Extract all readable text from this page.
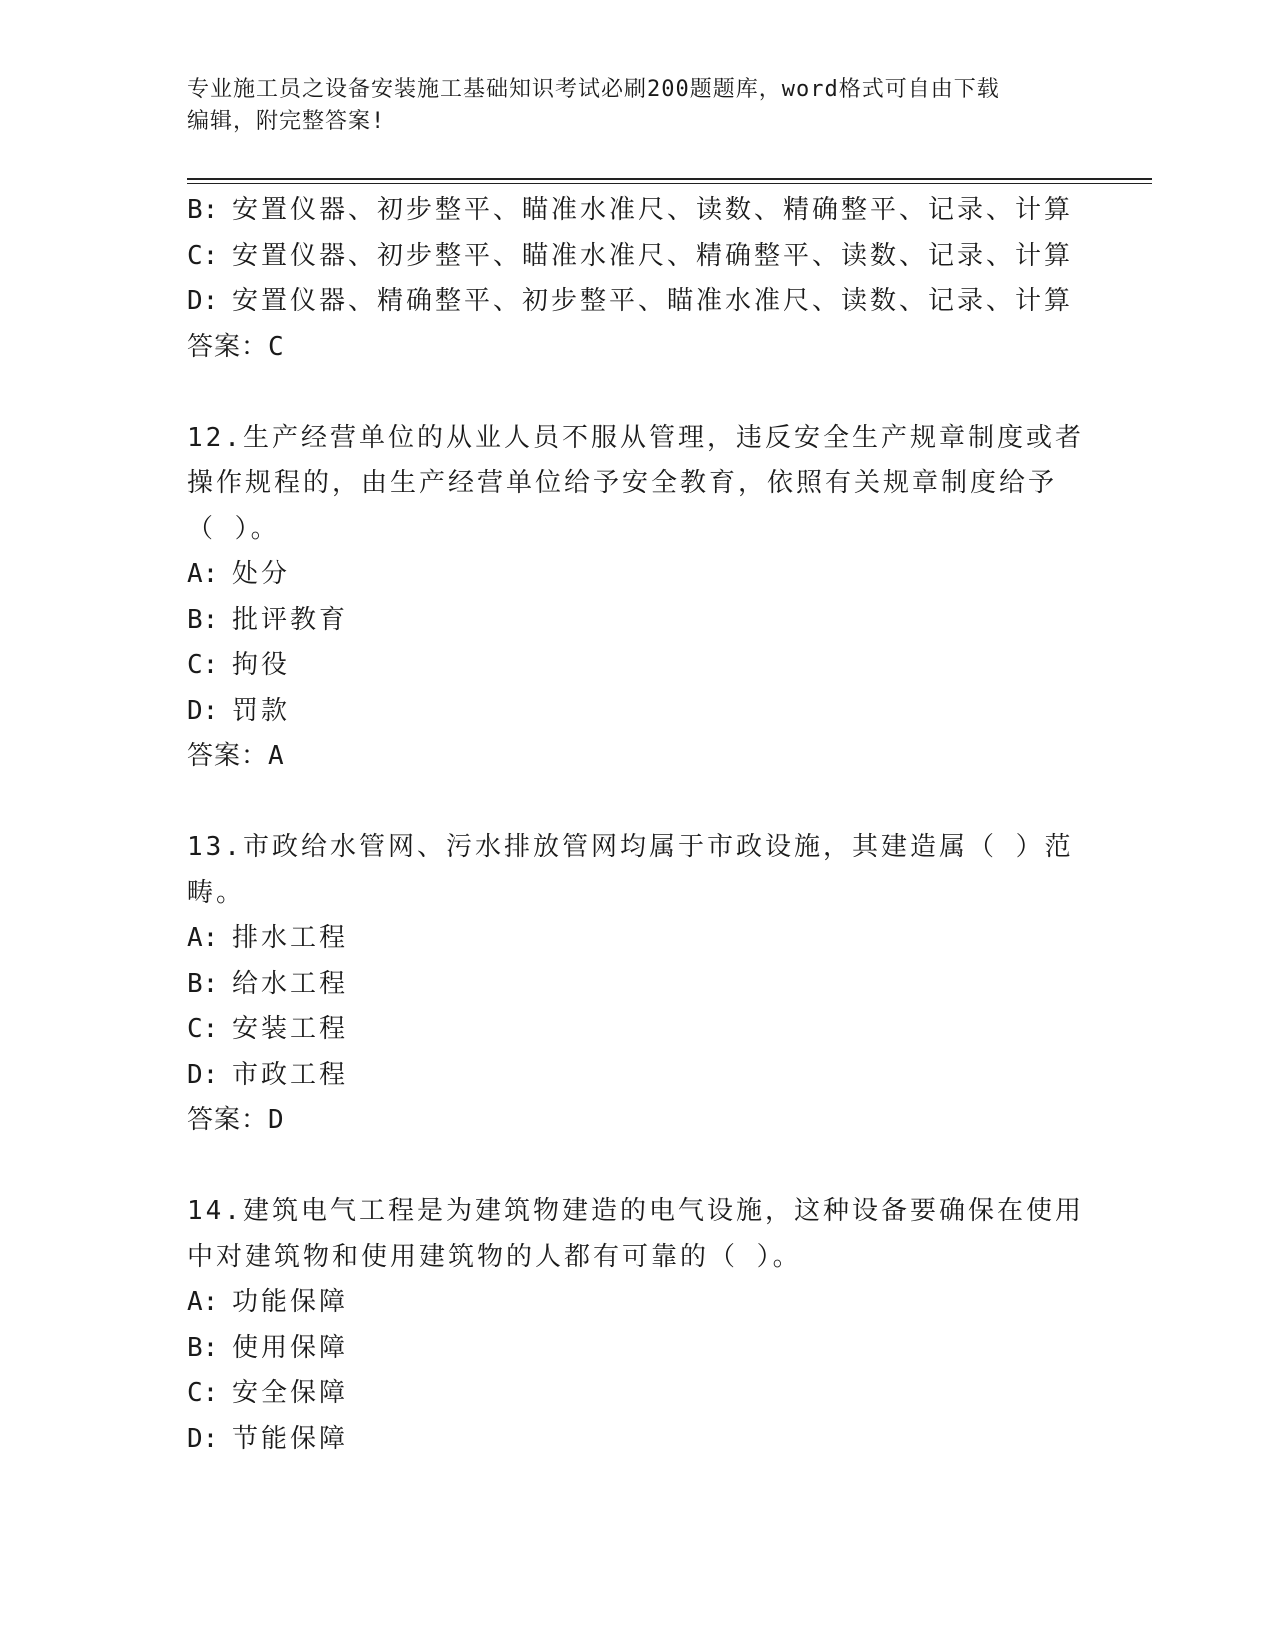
专业施工员之设备安装施工基础知识考试必刷200题题库，word格式可自由下载
编辑，附完整答案!
B: 安置仪器、初步整平、瞄准水准尺、读数、精确整平、记录、计算
C: 安置仪器、初步整平、瞄准水准尺、精确整平、读数、记录、计算
D: 安置仪器、精确整平、初步整平、瞄准水准尺、读数、记录、计算
答案：C
12.生产经营单位的从业人员不服从管理，违反安全生产规章制度或者
操作规程的，由生产经营单位给予安全教育，依照有关规章制度给予
（ ）。
A: 处分
B: 批评教育
C: 拘役
D: 罚款
答案：A
13.市政给水管网、污水排放管网均属于市政设施，其建造属（ ）范
畴。
A: 排水工程
B: 给水工程
C: 安装工程
D: 市政工程
答案：D
14.建筑电气工程是为建筑物建造的电气设施，这种设备要确保在使用
中对建筑物和使用建筑物的人都有可靠的（ ）。
A: 功能保障
B: 使用保障
C: 安全保障
D: 节能保障
